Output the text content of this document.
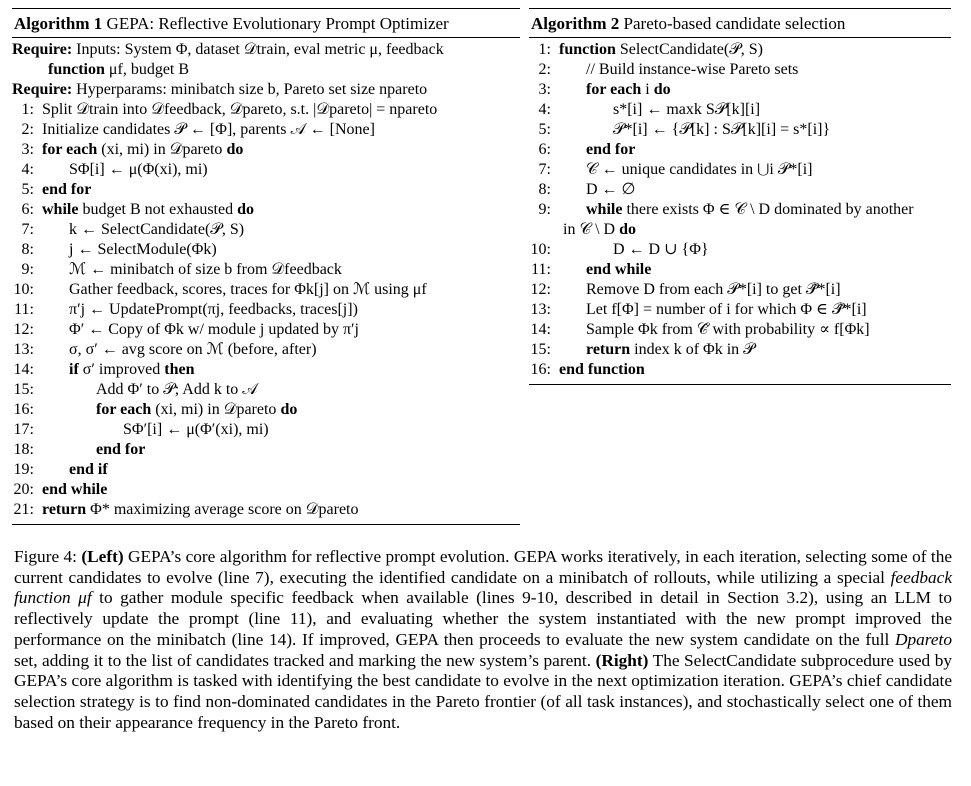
Algorithm 1 GEPA: Reflective Evolutionary Prompt Optimizer
Require: Inputs: System Φ, dataset 𝒟train, eval metric μ, feedback
function μf, budget B
Require: Hyperparams: minibatch size b, Pareto set size npareto
1: Split 𝒟train into 𝒟feedback, 𝒟pareto, s.t. |𝒟pareto| = npareto
2: Initialize candidates 𝒫 ← [Φ], parents 𝒜 ← [None]
3: for each (xi, mi) in 𝒟pareto do
4:	SΦ[i] ← μ(Φ(xi), mi)
5: end for
6: while budget B not exhausted do
7:	k ← SelectCandidate(𝒫, S)
8:	j ← SelectModule(Φk)
9:	ℳ ← minibatch of size b from 𝒟feedback
10:	Gather feedback, scores, traces for Φk[j] on ℳ using μf
11:	π′j ← UpdatePrompt(πj, feedbacks, traces[j])
12:	Φ′ ← Copy of Φk w/ module j updated by π′j
13:	σ, σ′ ← avg score on ℳ (before, after)
14:	if σ′ improved then
15:	Add Φ′ to 𝒫; Add k to 𝒜
16:	for each (xi, mi) in 𝒟pareto do
17:	SΦ′[i] ← μ(Φ′(xi), mi)
18:	end for
19:	end if
20: end while
21: return Φ* maximizing average score on 𝒟pareto
Algorithm 2 Pareto-based candidate selection
1: function SelectCandidate(𝒫, S)
2:	// Build instance-wise Pareto sets
3:	for each i do
4:	s*[i] ← maxk S𝒫[k][i]
5:	𝒫*[i] ← {𝒫[k] : S𝒫[k][i] = s*[i]}
6:	end for
7:	𝒞 ← unique candidates in ⋃i 𝒫*[i]
8:	D ← ∅
9:	while there exists Φ ∈ 𝒞 \ D dominated by another
in 𝒞 \ D do
10:	D ← D ∪ {Φ}
11:	end while
12:	Remove D from each 𝒫*[i] to get 𝒫̂*[i]
13:	Let f[Φ] = number of i for which Φ ∈ 𝒫̂*[i]
14:	Sample Φk from 𝒞̂ with probability ∝ f[Φk]
15:	return index k of Φk in 𝒫
16: end function
Figure 4: (Left) GEPA’s core algorithm for reflective prompt evolution. GEPA works iteratively, in each iteration, selecting some of the current candidates to evolve (line 7), executing the identified candidate on a minibatch of rollouts, while utilizing a special feedback function μf to gather module specific feedback when available (lines 9-10, described in detail in Section 3.2), using an LLM to reflectively update the prompt (line 11), and evaluating whether the system instantiated with the new prompt improved the performance on the minibatch (line 14). If improved, GEPA then proceeds to evaluate the new system candidate on the full Dpareto set, adding it to the list of candidates tracked and marking the new system’s parent. (Right) The SelectCandidate subprocedure used by GEPA’s core algorithm is tasked with identifying the best candidate to evolve in the next optimization iteration. GEPA’s chief candidate selection strategy is to find non-dominated candidates in the Pareto frontier (of all task instances), and stochastically select one of them based on their appearance frequency in the Pareto front.
